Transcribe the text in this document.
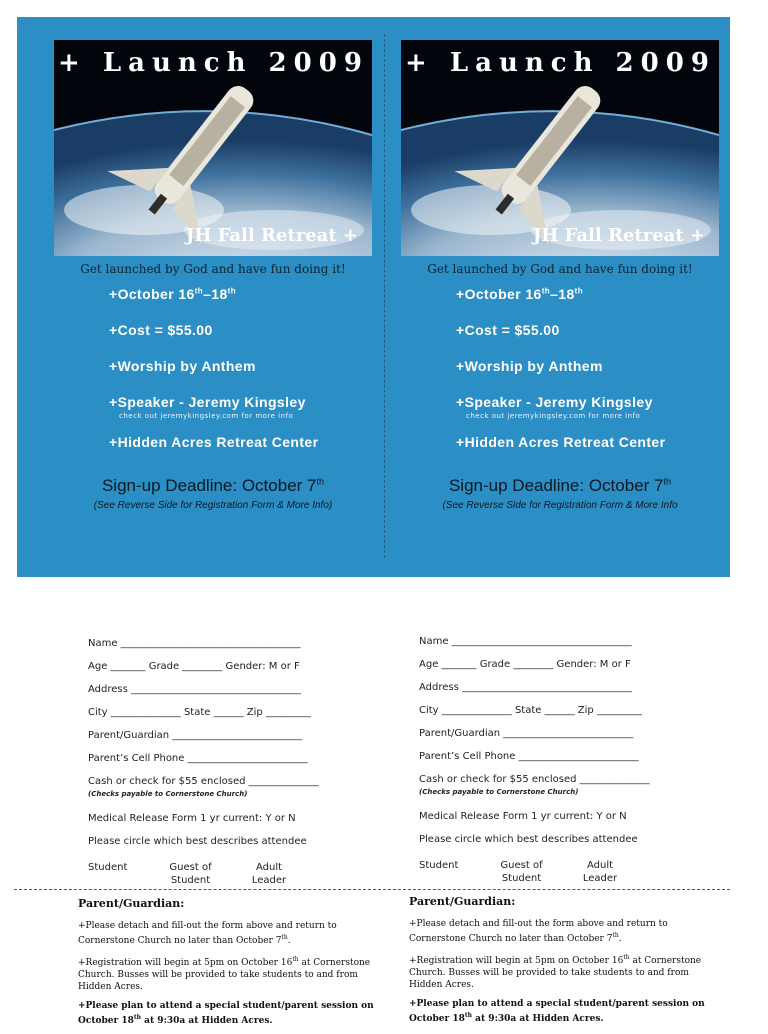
+ Launch 2009
JH Fall Retreat +
Get launched by God and have fun doing it!
+October 16th–18th
+Cost = $55.00
+Worship by Anthem
+Speaker - Jeremy Kingsley
check out jeremykingsley.com for more info
+Hidden Acres Retreat Center
Sign-up Deadline: October 7th
(See Reverse Side for Registration Form & More Info)
+ Launch 2009
JH Fall Retreat +
Get launched by God and have fun doing it!
+October 16th–18th
+Cost = $55.00
+Worship by Anthem
+Speaker - Jeremy Kingsley
check out jeremykingsley.com for more info
+Hidden Acres Retreat Center
Sign-up Deadline: October 7th
(See Reverse Side for Registration Form & More Info
Name ____________________________________
Age _______ Grade ________ Gender: M or F
Address __________________________________
City ______________ State ______ Zip _________
Parent/Guardian __________________________
Parent’s Cell Phone ________________________
Cash or check for $55 enclosed ______________
(Checks payable to Cornerstone Church)
Medical Release Form 1 yr current: Y or N
Please circle which best describes attendee
Student	Guest of
Student
Adult
Leader
Name ____________________________________
Age _______ Grade ________ Gender: M or F
Address __________________________________
City ______________ State ______ Zip _________
Parent/Guardian __________________________
Parent’s Cell Phone ________________________
Cash or check for $55 enclosed ______________
(Checks payable to Cornerstone Church)
Medical Release Form 1 yr current: Y or N
Please circle which best describes attendee
Student	Guest of
Student
Adult
Leader
Parent/Guardian:
+Please detach and fill-out the form above and return to Cornerstone Church no later than October 7th.
+Registration will begin at 5pm on October 16th at Cornerstone Church. Busses will be provided to take students to and from Hidden Acres.
+Please plan to attend a special student/parent session on October 18th at 9:30a at Hidden Acres.
Parent/Guardian:
+Please detach and fill-out the form above and return to Cornerstone Church no later than October 7th.
+Registration will begin at 5pm on October 16th at Cornerstone Church. Busses will be provided to take students to and from Hidden Acres.
+Please plan to attend a special student/parent session on October 18th at 9:30a at Hidden Acres.
